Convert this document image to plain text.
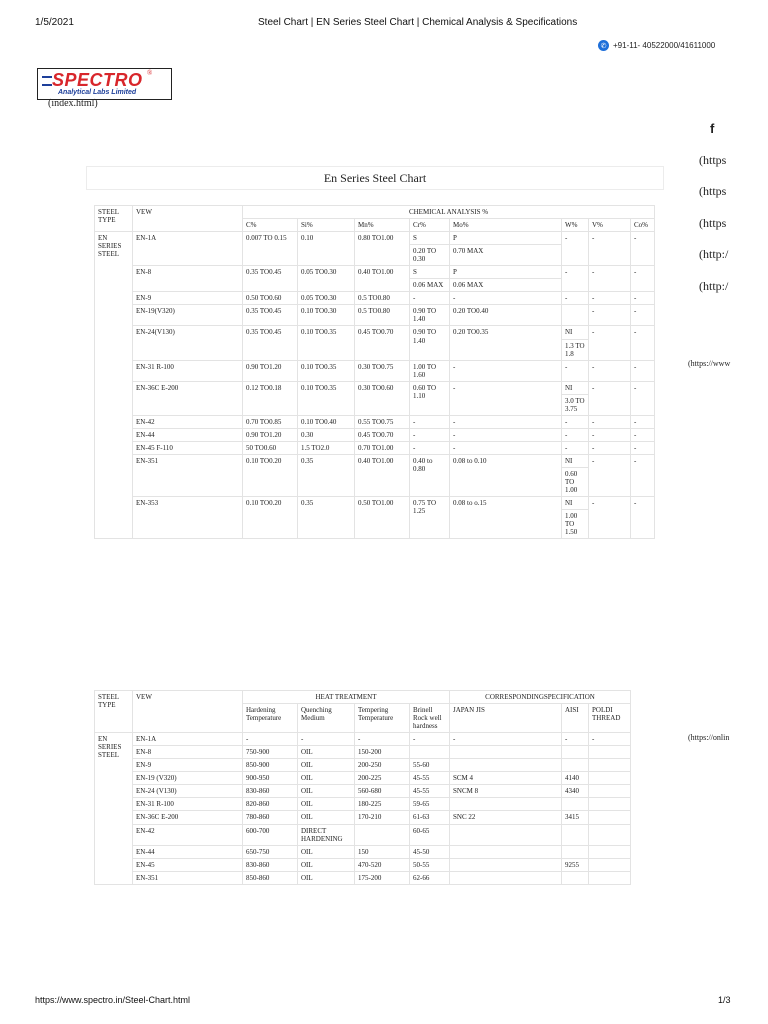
1/5/2021	Steel Chart | EN Series Steel Chart | Chemical Analysis & Specifications
✆ +91-11- 40522000/41611000
SPECTRO ®
Analytical Labs Limited
(index.html)
f
(https
(https
(https
(http:/
(http:/
(https://www
(https://onlin
En Series Steel Chart
STEEL TYPE	VEW	CHEMICAL ANALYSIS %							
		C%	Si%	Mn%	Cr%	Mo%	W%	V%	Co%
EN SERIES STEEL	EN-1A	0.007 TO 0.15	0.10	0.80 TO1.00	S	P	-	-	-
					0.20 TO 0.30	0.70 MAX			
	EN-8	0.35 TO0.45	0.05 TO0.30	0.40 TO1.00	S	P	-	-	-
					0.06 MAX	0.06 MAX			
	EN-9	0.50 TO0.60	0.05 TO0.30	0.5 TO0.80	-	-	-	-	-
	EN-19(V320)	0.35 TO0.45	0.10 TO0.30	0.5 TO0.80	0.90 TO 1.40	0.20 TO0.40		-	-
	EN-24(V130)	0.35 TO0.45	0.10 TO0.35	0.45 TO0.70	0.90 TO 1.40	0.20 TO0.35	NI	-	-
							1.3 TO 1.8		
	EN-31 R-100	0.90 TO1.20	0.10 TO0.35	0.30 TO0.75	1.00 TO 1.60	-	-	-	-
	EN-36C E-200	0.12 TO0.18	0.10 TO0.35	0.30 TO0.60	0.60 TO 1.10	-	NI	-	-
							3.0 TO 3.75		
	EN-42	0.70 TO0.85	0.10 TO0.40	0.55 TO0.75	-	-	-	-	-
	EN-44	0.90 TO1.20	0.30	0.45 TO0.70	-	-	-	-	-
	EN-45 F-110	50 TO0.60	1.5 TO2.0	0.70 TO1.00	-	-	-	-	-
	EN-351	0.10 TO0.20	0.35	0.40 TO1.00	0.40 to 0.80	0.08 to 0.10	NI	-	-
							0.60 TO 1.00		
	EN-353	0.10 TO0.20	0.35	0.50 TO1.00	0.75 TO 1.25	0.08 to o.15	NI	-	-
							1.00 TO 1.50		
STEEL TYPE	VEW	HEAT TREATMENT				CORRESPONDINGSPECIFICATION		
		Hardening Temperature	Quenching Medium	Tempering Temperature	Brinell Rock well hardness	JAPAN JIS	AISI	POLDI THREAD
EN SERIES STEEL	EN-1A	-	-	-	-	-	-	-
	EN-8	750-900	OIL	150-200				
	EN-9	850-900	OIL	200-250	55-60			
	EN-19 (V320)	900-950	OIL	200-225	45-55	SCM 4	4140	
	EN-24 (V130)	830-860	OIL	560-680	45-55	SNCM 8	4340	
	EN-31 R-100	820-860	OIL	180-225	59-65			
	EN-36C E-200	780-860	OIL	170-210	61-63	SNC 22	3415	
	EN-42	600-700	DIRECT HARDENING		60-65			
	EN-44	650-750	OIL	150	45-50			
	EN-45	830-860	OIL	470-520	50-55		9255	
	EN-351	850-860	OIL	175-200	62-66			
https://www.spectro.in/Steel-Chart.html	1/3
